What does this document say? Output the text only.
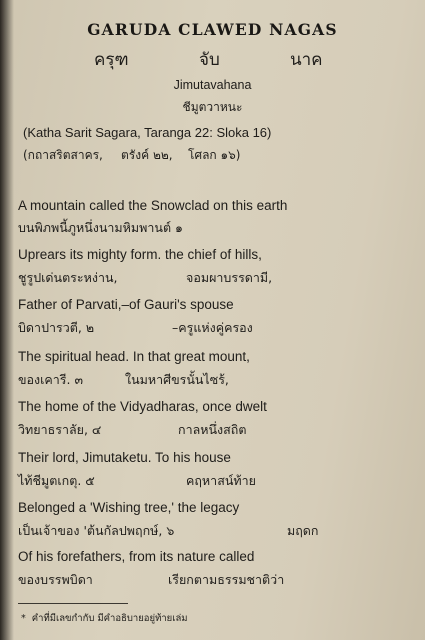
GARUDA CLAWED NAGAS
ครุฑ	จับ	นาค
Jimutavahana
ชีมูตวาหนะ
(Katha Sarit Sagara, Taranga 22: Sloka 16)
(กถาสริตสาคร, ตรังค์ ๒๒, โศลก ๑๖)
A mountain called the Snowclad on this earth
บนพิภพนี้ภูหนึ่งนามหิมพานต์ ๑
Uprears its mighty form. the chief of hills,
ชูรูปเด่นตระหง่าน,	จอมผาบรรดามี,
Father of Parvati,–of Gauri's spouse
บิดาปารวตี, ๒	–ครูแห่งคู่ครอง
The spiritual head. In that great mount,
ของเคารี. ๓	ในมหาศีขรนั้นไซร้,
The home of the Vidyadharas, once dwelt
วิทยาธราลัย, ๔	กาลหนึ่งสถิต
Their lord, Jimutaketu. To his house
ไท้ชีมูตเกตุ. ๕	คฤหาสน์ท้าย
Belonged a 'Wishing tree,' the legacy
เป็นเจ้าของ 'ต้นกัลปพฤกษ์, ๖	มฤดก
Of his forefathers, from its nature called
ของบรรพบิดา	เรียกตามธรรมชาติว่า
* คำที่มีเลขกำกับ มีคำอธิบายอยู่ท้ายเล่ม
